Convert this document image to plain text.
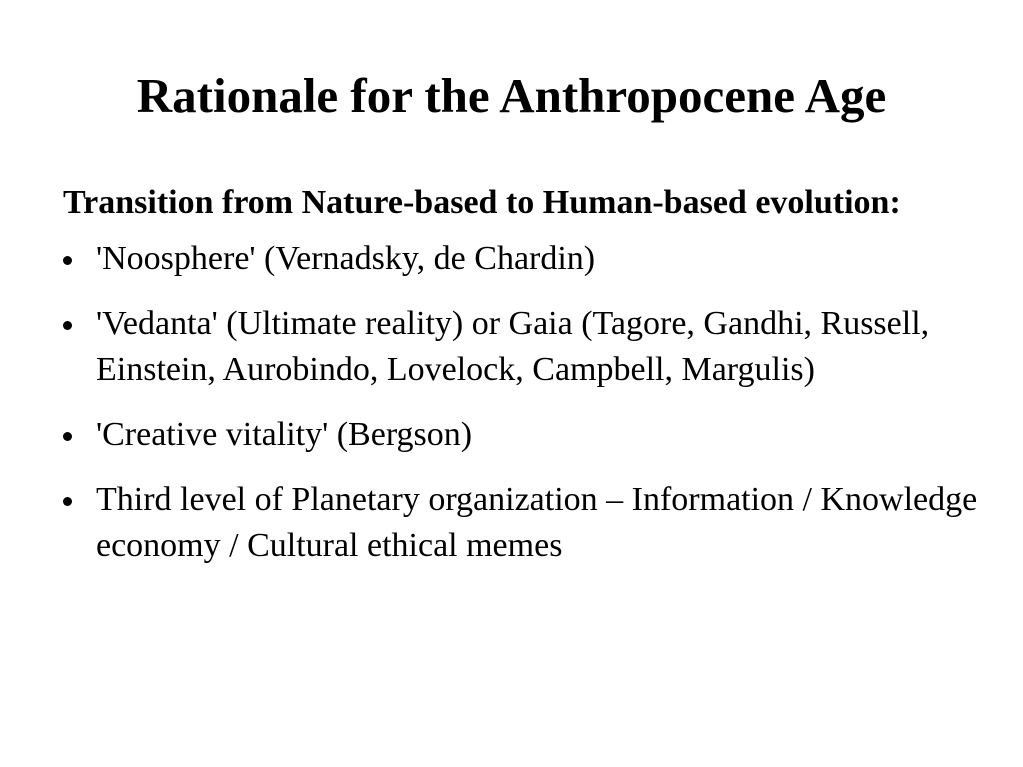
Rationale for the Anthropocene Age

Transition from Nature-based to Human-based evolution:

'Noosphere' (Vernadsky, de Chardin)
'Vedanta' (Ultimate reality) or Gaia (Tagore, Gandhi, Russell, Einstein, Aurobindo, Lovelock, Campbell, Margulis)
'Creative vitality' (Bergson)
Third level of Planetary organization – Information / Knowledge economy / Cultural ethical memes
